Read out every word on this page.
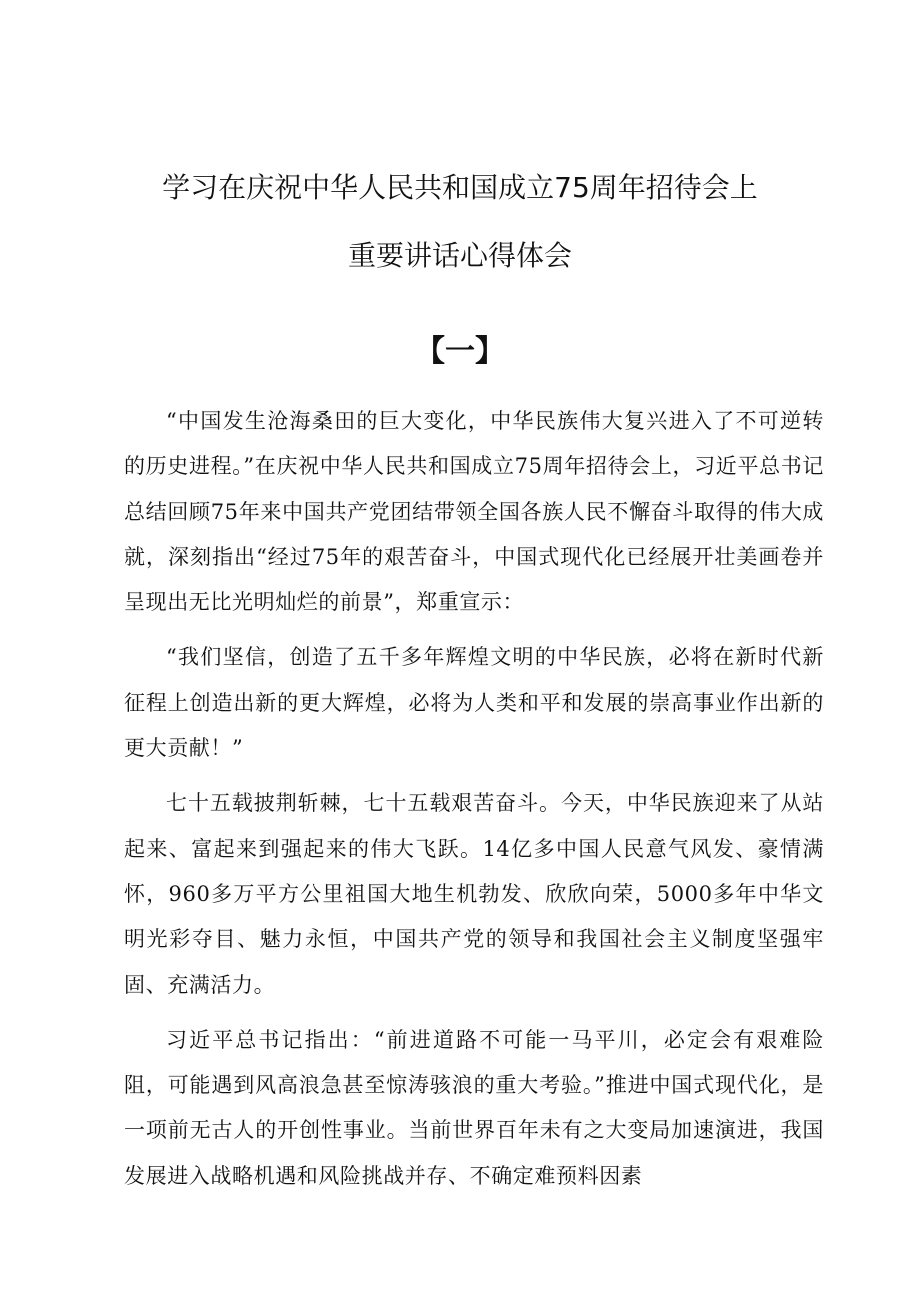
学习在庆祝中华人民共和国成立75周年招待会上
重要讲话心得体会
【一】

“中国发生沧海桑田的巨大变化，中华民族伟大复兴进入了不可逆转的历史进程。”在庆祝中华人民共和国成立75周年招待会上，习近平总书记总结回顾75年来中国共产党团结带领全国各族人民不懈奋斗取得的伟大成就，深刻指出“经过75年的艰苦奋斗，中国式现代化已经展开壮美画卷并呈现出无比光明灿烂的前景”，郑重宣示：

“我们坚信，创造了五千多年辉煌文明的中华民族，必将在新时代新征程上创造出新的更大辉煌，必将为人类和平和发展的崇高事业作出新的更大贡献！”

七十五载披荆斩棘，七十五载艰苦奋斗。今天，中华民族迎来了从站起来、富起来到强起来的伟大飞跃。14亿多中国人民意气风发、豪情满怀，960多万平方公里祖国大地生机勃发、欣欣向荣，5000多年中华文明光彩夺目、魅力永恒，中国共产党的领导和我国社会主义制度坚强牢固、充满活力。

习近平总书记指出：“前进道路不可能一马平川，必定会有艰难险阻，可能遇到风高浪急甚至惊涛骇浪的重大考验。”推进中国式现代化，是一项前无古人的开创性事业。当前世界百年未有之大变局加速演进，我国发展进入战略机遇和风险挑战并存、不确定难预料因素
